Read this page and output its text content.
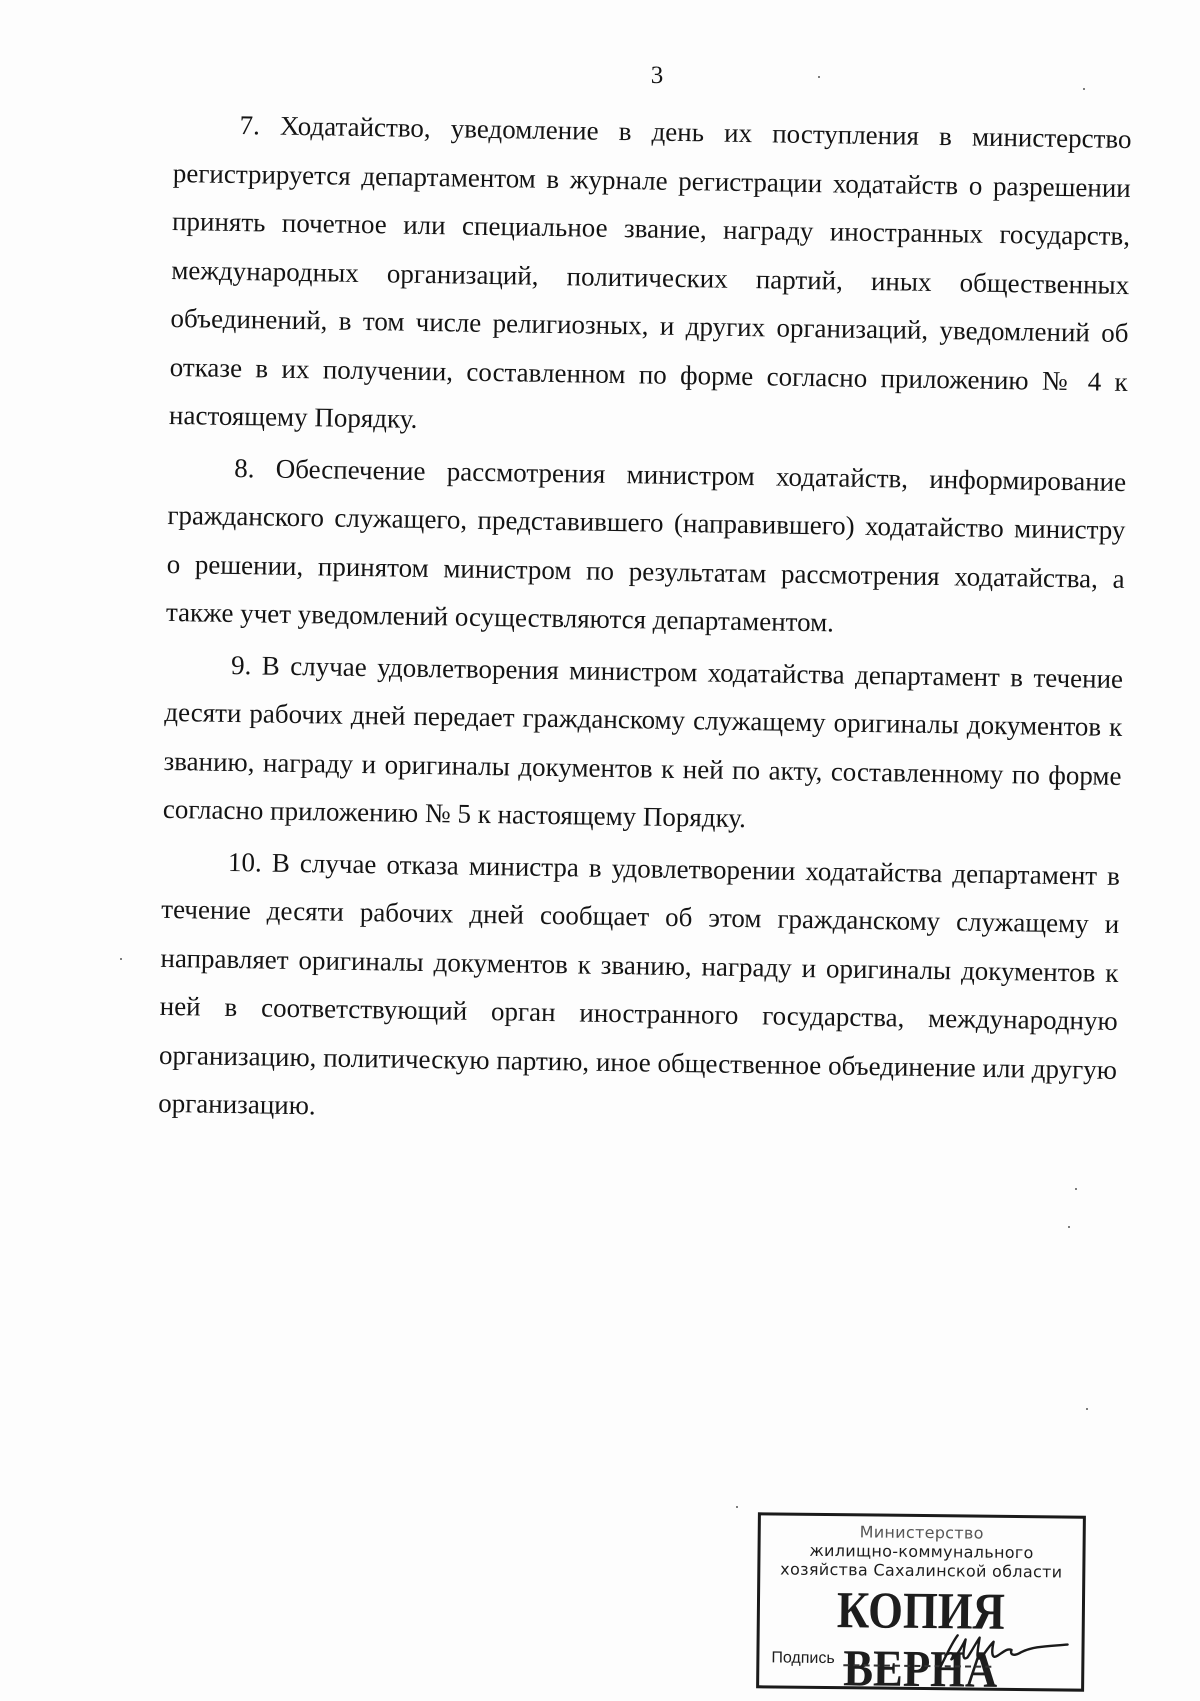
3

7. Ходатайство, уведомление в день их поступления в министерство регистрируется департаментом в журнале регистрации ходатайств о разрешении принять почетное или специальное звание, награду иностранных государств, международных организаций, политических партий, иных общественных объединений, в том числе религиозных, и других организаций, уведомлений об отказе в их получении, составленном по форме согласно приложению № 4 к настоящему Порядку.

8. Обеспечение рассмотрения министром ходатайств, информирование гражданского служащего, представившего (направившего) ходатайство министру о решении, принятом министром по результатам рассмотрения ходатайства, а также учет уведомлений осуществляются департаментом.

9. В случае удовлетворения министром ходатайства департамент в течение десяти рабочих дней передает гражданскому служащему оригиналы документов к званию, награду и оригиналы документов к ней по акту, составленному по форме согласно приложению № 5 к настоящему Порядку.

10. В случае отказа министра в удовлетворении ходатайства департамент в течение десяти рабочих дней сообщает об этом гражданскому служащему и направляет оригиналы документов к званию, награду и оригиналы документов к ней в соответствующий орган иностранного государства, международную организацию, политическую партию, иное общественное объединение или другую организацию.

Министерство
жилищно-коммунального
хозяйства Сахалинской области
КОПИЯ ВЕРНА
Подпись
